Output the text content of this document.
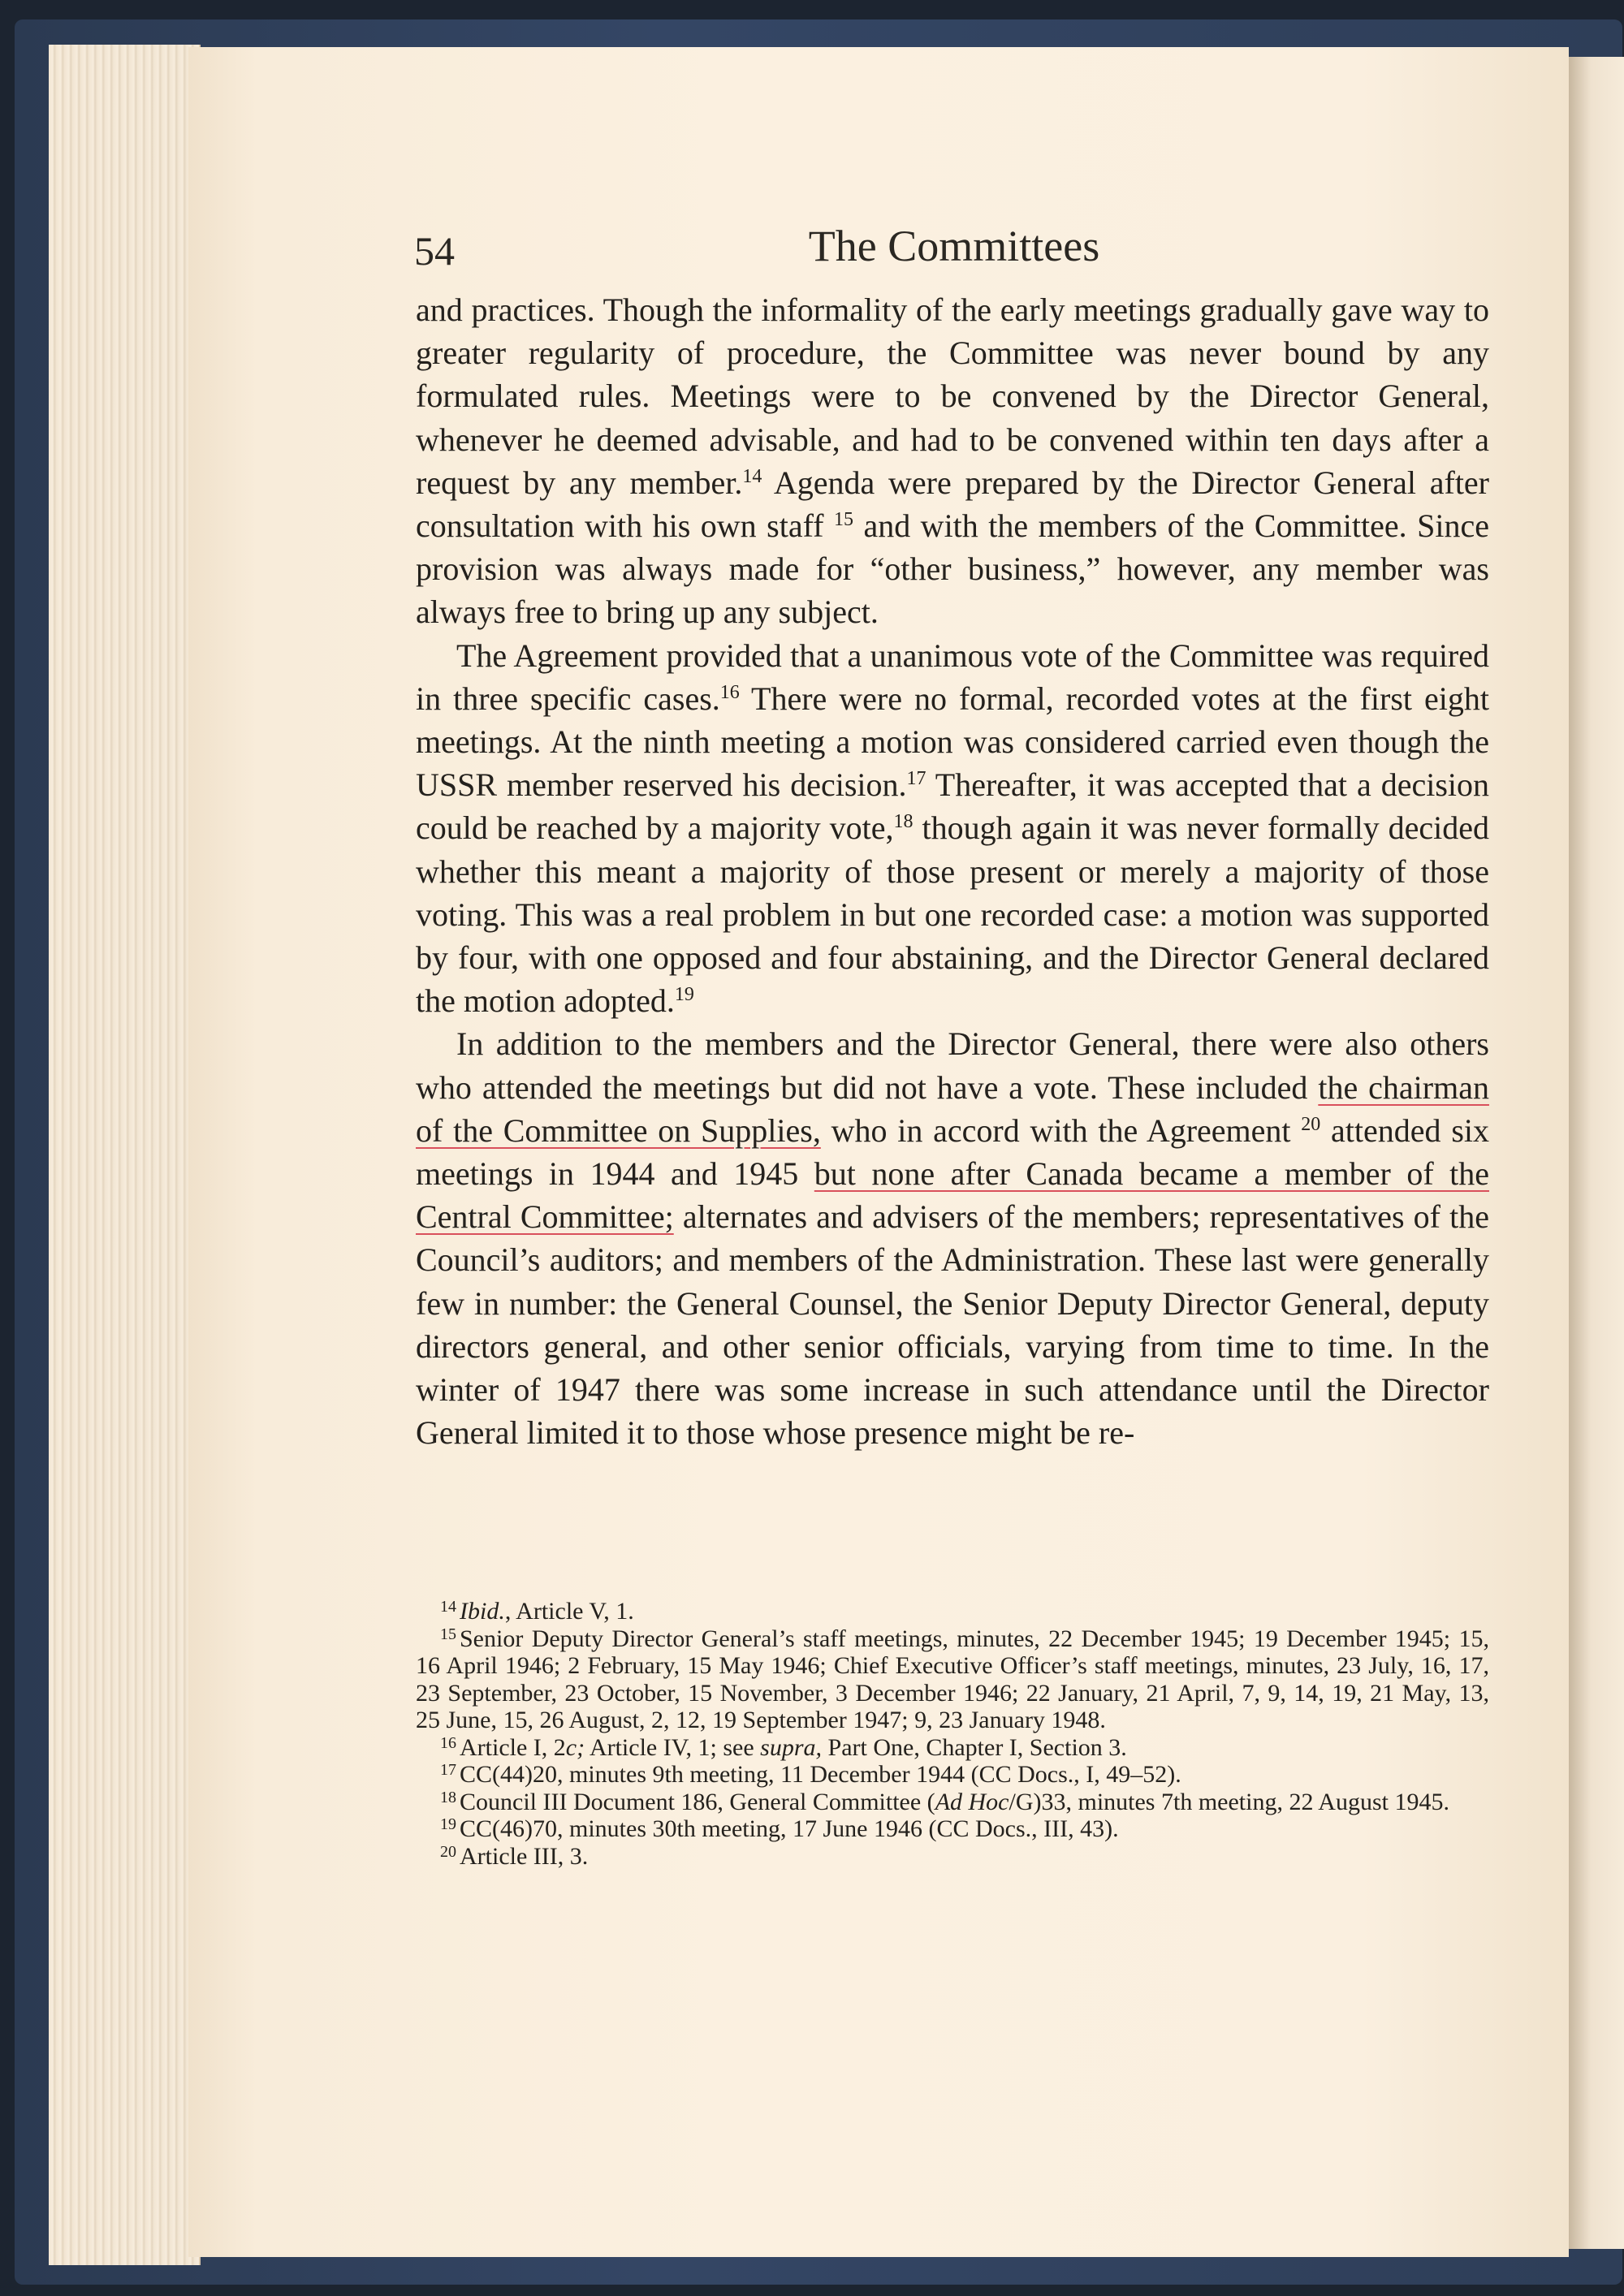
54	The Committees

and practices. Though the informality of the early meetings gradually gave way to greater regularity of procedure, the Committee was never bound by any formulated rules. Meetings were to be convened by the Director General, whenever he deemed advisable, and had to be convened within ten days after a request by any member.$^{14}$ Agenda were prepared by the Director General after consultation with his own staff $^{15}$ and with the members of the Committee. Since provision was always made for “other business,” however, any member was always free to bring up any subject.

The Agreement provided that a unanimous vote of the Committee was required in three specific cases.$^{16}$ There were no formal, recorded votes at the first eight meetings. At the ninth meeting a motion was considered carried even though the USSR member reserved his decision.$^{17}$ Thereafter, it was accepted that a decision could be reached by a majority vote,$^{18}$ though again it was never formally decided whether this meant a majority of those present or merely a majority of those voting. This was a real problem in but one recorded case: a motion was supported by four, with one opposed and four abstaining, and the Director General declared the motion adopted.$^{19}$

In addition to the members and the Director General, there were also others who attended the meetings but did not have a vote. These included the chairman of the Committee on Supplies, who in accord with the Agreement $^{20}$ attended six meetings in 1944 and 1945 but none after Canada became a member of the Central Committee; alternates and advisers of the members; representatives of the Council’s auditors; and members of the Administration. These last were generally few in number: the General Counsel, the Senior Deputy Director General, deputy directors general, and other senior officials, varying from time to time. In the winter of 1947 there was some increase in such attendance until the Director General limited it to those whose presence might be re-

$^{14}$ Ibid., Article V, 1.

$^{15}$ Senior Deputy Director General’s staff meetings, minutes, 22 December 1945; 19 December 1945; 15, 16 April 1946; 2 February, 15 May 1946; Chief Executive Officer’s staff meetings, minutes, 23 July, 16, 17, 23 September, 23 October, 15 November, 3 December 1946; 22 January, 21 April, 7, 9, 14, 19, 21 May, 13, 25 June, 15, 26 August, 2, 12, 19 September 1947; 9, 23 January 1948.

$^{16}$ Article I, 2c; Article IV, 1; see supra, Part One, Chapter I, Section 3.

$^{17}$ CC(44)20, minutes 9th meeting, 11 December 1944 (CC Docs., I, 49–52).

$^{18}$ Council III Document 186, General Committee (Ad Hoc/G)33, minutes 7th meeting, 22 August 1945.

$^{19}$ CC(46)70, minutes 30th meeting, 17 June 1946 (CC Docs., III, 43).

$^{20}$ Article III, 3.
